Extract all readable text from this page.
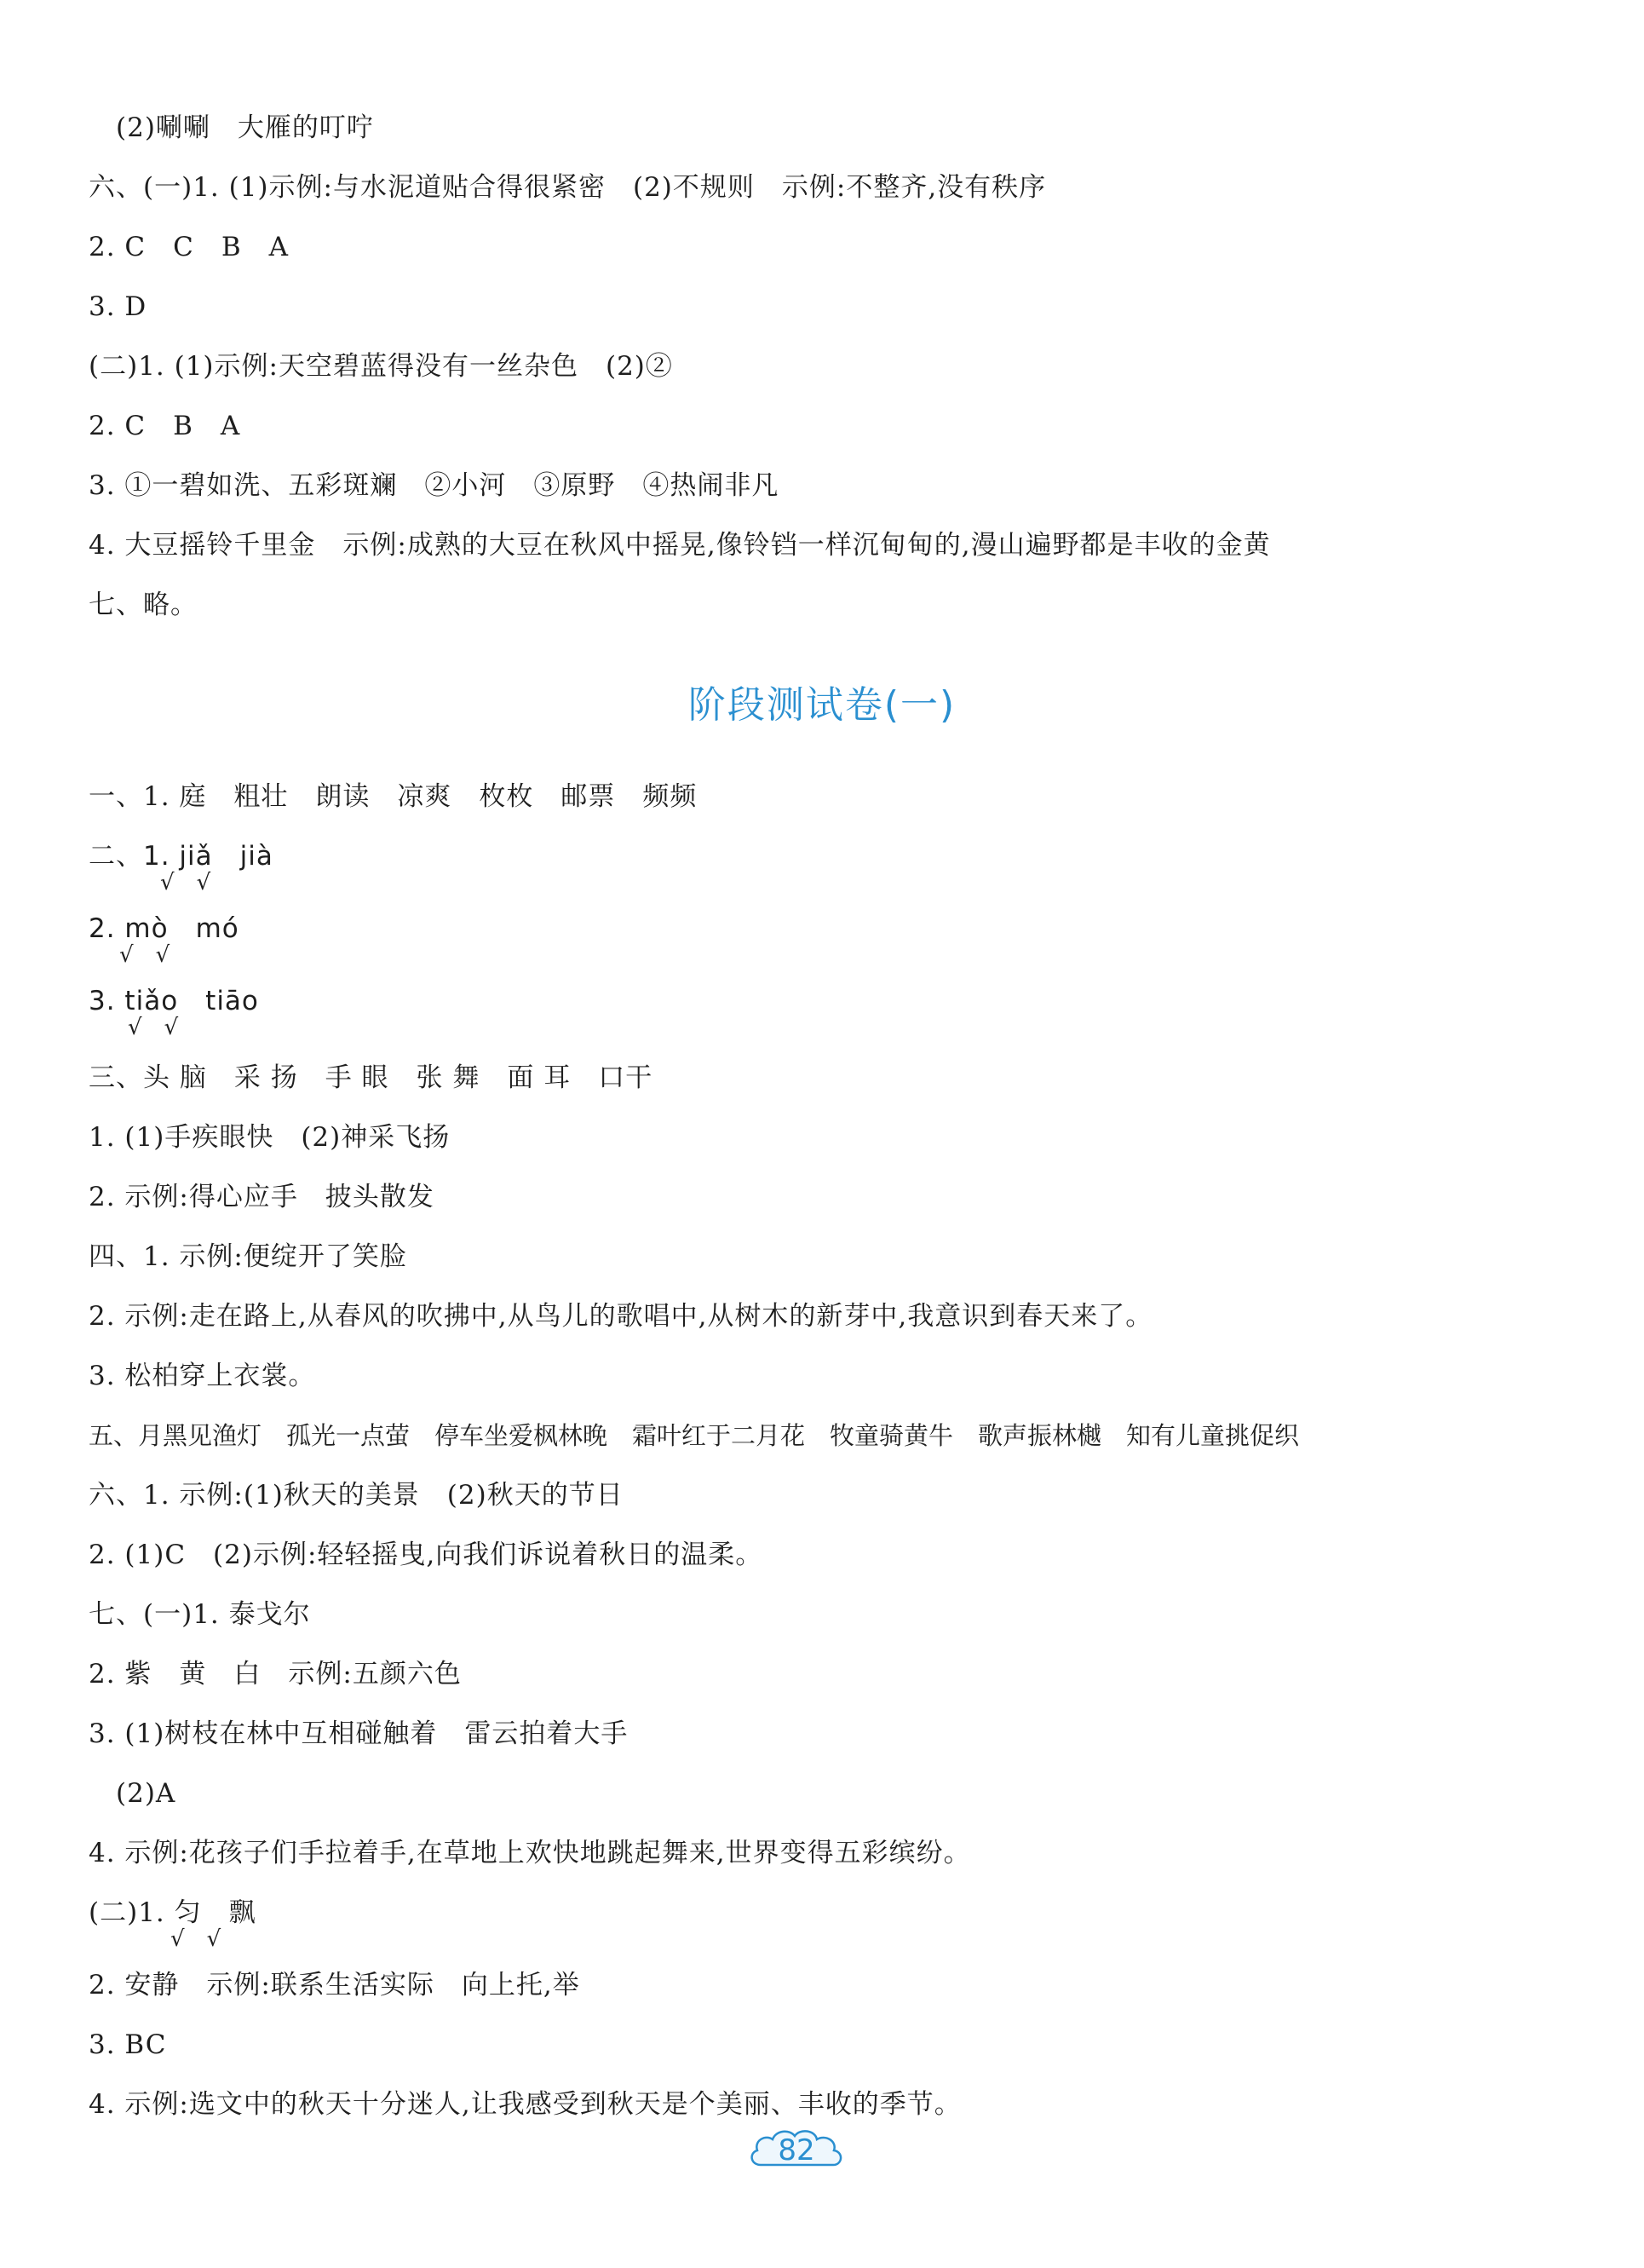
(2)唰唰　大雁的叮咛
六、(一)1. (1)示例:与水泥道贴合得很紧密　(2)不规则　示例:不整齐,没有秩序
2. C　C　B　A
3. D
(二)1. (1)示例:天空碧蓝得没有一丝杂色　(2)②
2. C　B　A
3. ①一碧如洗、五彩斑斓　②小河　③原野　④热闹非凡
4. 大豆摇铃千里金　示例:成熟的大豆在秋风中摇晃,像铃铛一样沉甸甸的,漫山遍野都是丰收的金黄
七、略。
阶段测试卷(一)
一、1. 庭　粗壮　朗读　凉爽　枚枚　邮票　频频
二、1. jiǎ　jià
√　√
2. mò　mó
√　√
3. tiǎo　tiāo
√　√
三、头 脑　采 扬　手 眼　张 舞　面 耳　口干
1. (1)手疾眼快　(2)神采飞扬
2. 示例:得心应手　披头散发
四、1. 示例:便绽开了笑脸
2. 示例:走在路上,从春风的吹拂中,从鸟儿的歌唱中,从树木的新芽中,我意识到春天来了。
3. 松柏穿上衣裳。
五、月黑见渔灯　孤光一点萤　停车坐爱枫林晚　霜叶红于二月花　牧童骑黄牛　歌声振林樾　知有儿童挑促织
六、1. 示例:(1)秋天的美景　(2)秋天的节日
2. (1)C　(2)示例:轻轻摇曳,向我们诉说着秋日的温柔。
七、(一)1. 泰戈尔
2. 紫　黄　白　示例:五颜六色
3. (1)树枝在林中互相碰触着　雷云拍着大手
(2)A
4. 示例:花孩子们手拉着手,在草地上欢快地跳起舞来,世界变得五彩缤纷。
(二)1. 匀　飘
√　√
2. 安静　示例:联系生活实际　向上托,举
3. BC
4. 示例:选文中的秋天十分迷人,让我感受到秋天是个美丽、丰收的季节。
82
